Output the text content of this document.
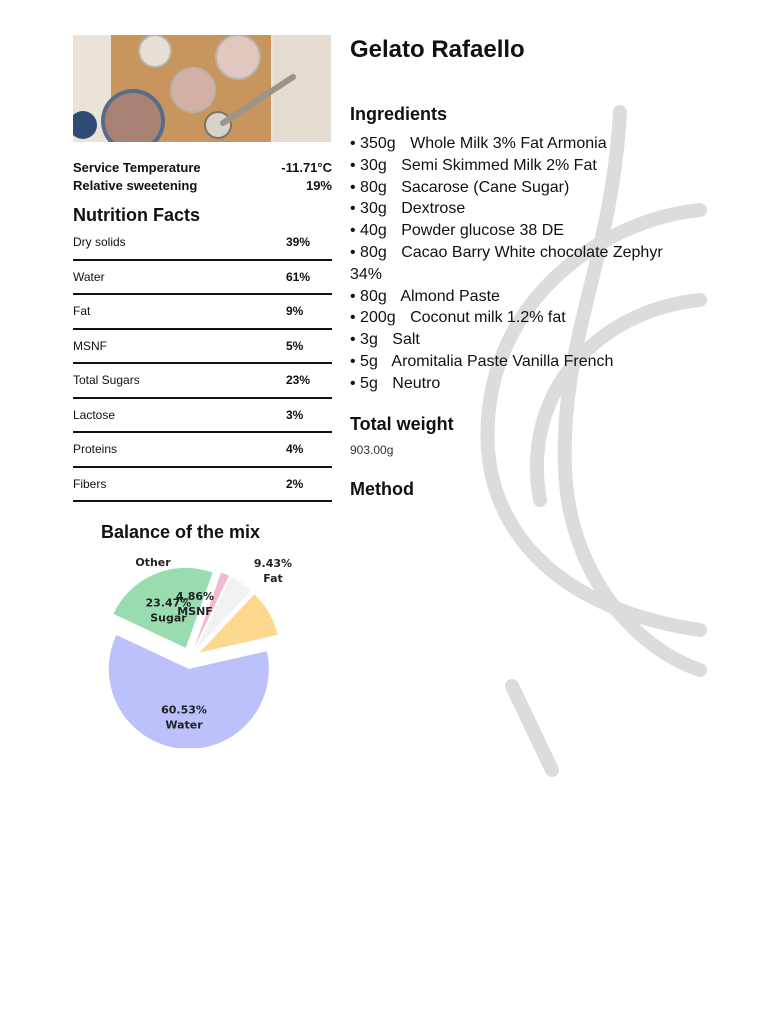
Service Temperature	-11.71°C
Relative sweetening	19%
Nutrition Facts
Dry solids	39%
Water	61%
Fat	9%
MSNF	5%
Total Sugars	23%
Lactose	3%
Proteins	4%
Fibers	2%
Balance of the mix
60.53% Water
23.47% Sugar
Other
4.86% MSNF
9.43% Fat
Gelato Rafaello
Ingredients
• 350g Whole Milk 3% Fat Armonia
• 30g Semi Skimmed Milk 2% Fat
• 80g Sacarose (Cane Sugar)
• 30g Dextrose
• 40g Powder glucose 38 DE
• 80g Cacao Barry White chocolate Zephyr 34%
• 80g Almond Paste
• 200g Coconut milk 1.2% fat
• 3g Salt
• 5g Aromitalia Paste Vanilla French
• 5g Neutro
Total weight
903.00g
Method
